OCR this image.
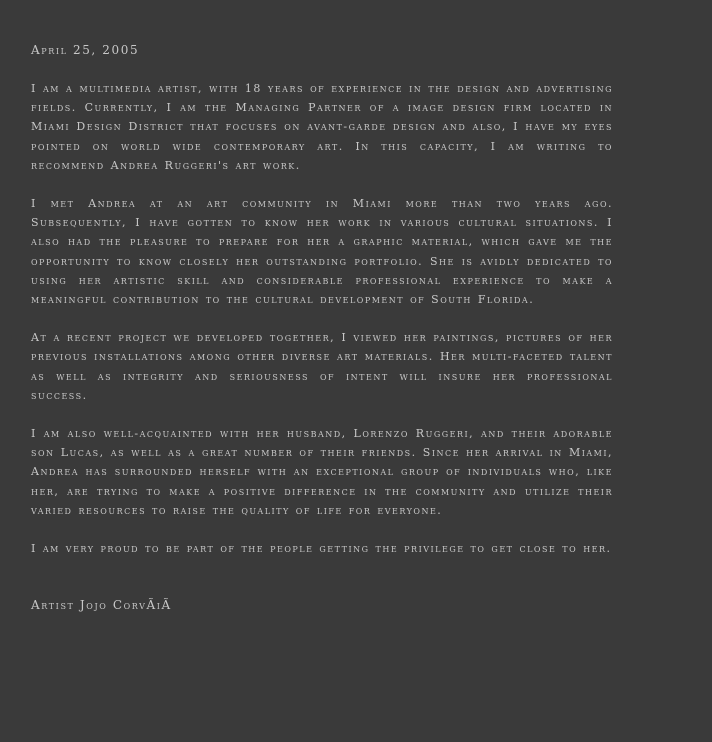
April 25, 2005

I am a multimedia artist, with 18 years of experience in the design and advertising fields. Currently, I am the Managing Partner of a image design firm located in Miami Design District that focuses on avant-garde design and also, I have my eyes pointed on world wide contemporary art. In this capacity, I am writing to recommend Andrea Ruggeri's art work.

I met Andrea at an art community in Miami more than two years ago. Subsequently, I have gotten to know her work in various cultural situations. I also had the pleasure to prepare for her a graphic material, which gave me the opportunity to know closely her outstanding portfolio. She is avidly dedicated to using her artistic skill and considerable professional experience to make a meaningful contribution to the cultural development of South Florida.

At a recent project we developed together, I viewed her paintings, pictures of her previous installations among other diverse art materials. Her multi-faceted talent as well as integrity and seriousness of intent will insure her professional success.

I am also well-acquainted with her husband, Lorenzo Ruggeri, and their adorable son Lucas, as well as a great number of their friends. Since her arrival in Miami, Andrea has surrounded herself with an exceptional group of individuals who, like her, are trying to make a positive difference in the community and utilize their varied resources to raise the quality of life for everyone.

I am very proud to be part of the people getting the privilege to get close to her.

Artist Jojo CorvÃiÃ
